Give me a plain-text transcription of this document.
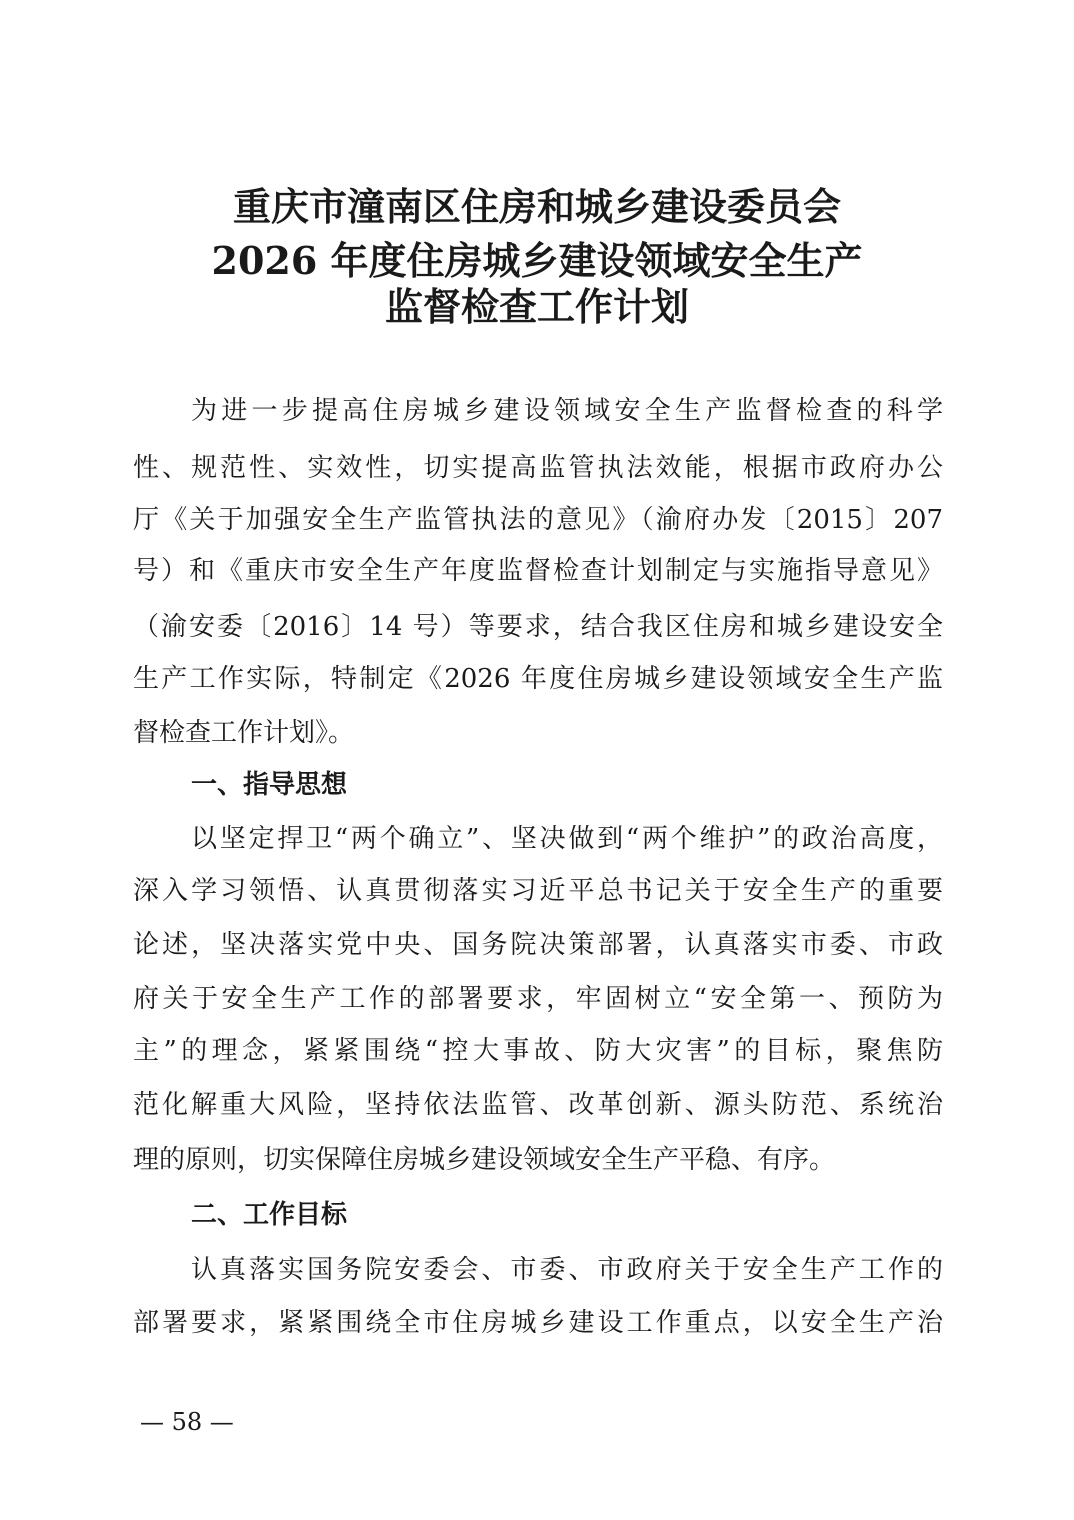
重庆市潼南区住房和城乡建设委员会
2026 年度住房城乡建设领域安全生产
监督检查工作计划
为进一步提高住房城乡建设领域安全生产监督检查的科学
性、规范性、实效性，切实提高监管执法效能，根据市政府办公
厅《关于加强安全生产监管执法的意见》（渝府办发〔2015〕207
号）和《重庆市安全生产年度监督检查计划制定与实施指导意见》
（渝安委〔2016〕14 号）等要求，结合我区住房和城乡建设安全
生产工作实际，特制定《2026 年度住房城乡建设领域安全生产监
督检查工作计划》。
一、指导思想
以坚定捍卫“两个确立”、坚决做到“两个维护”的政治高度，
深入学习领悟、认真贯彻落实习近平总书记关于安全生产的重要
论述，坚决落实党中央、国务院决策部署，认真落实市委、市政
府关于安全生产工作的部署要求，牢固树立“安全第一、预防为
主”的理念，紧紧围绕“控大事故、防大灾害”的目标，聚焦防
范化解重大风险，坚持依法监管、改革创新、源头防范、系统治
理的原则，切实保障住房城乡建设领域安全生产平稳、有序。
二、工作目标
认真落实国务院安委会、市委、市政府关于安全生产工作的
部署要求，紧紧围绕全市住房城乡建设工作重点，以安全生产治
— 58 —
